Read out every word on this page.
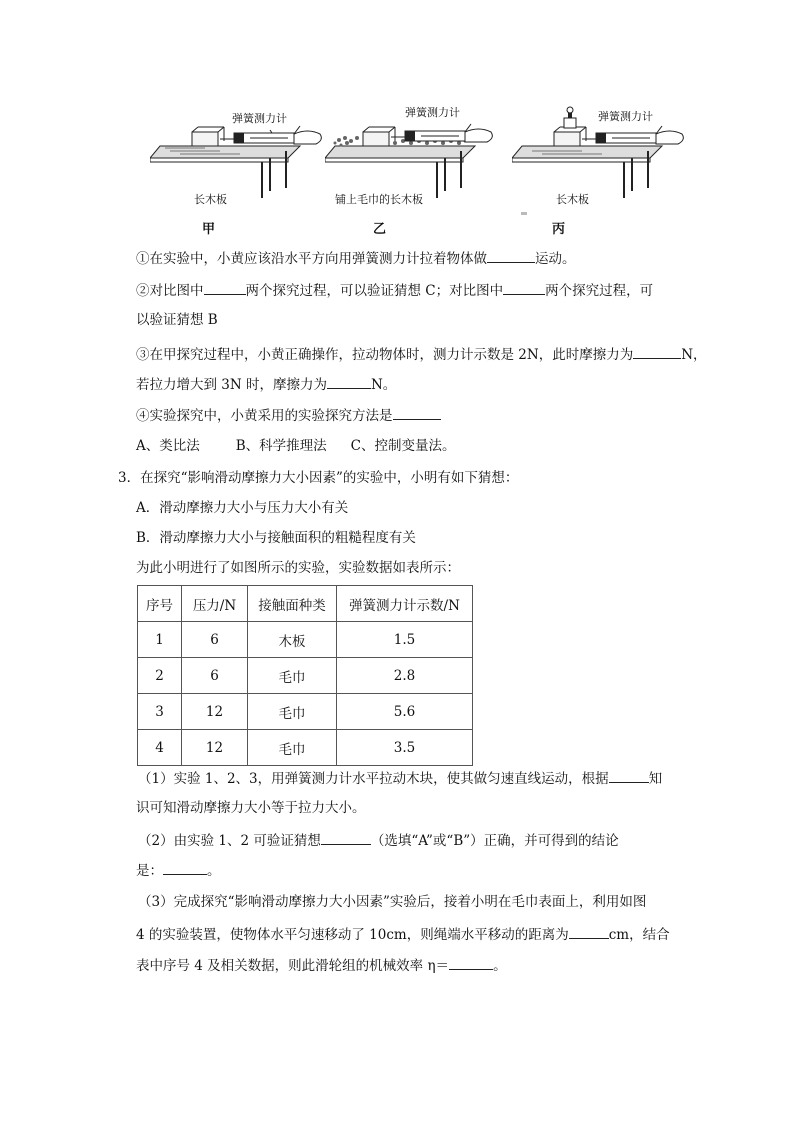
弹簧测力计
长木板
甲
弹簧测力计
铺上毛巾的长木板
乙
弹簧测力计
长木板
丙
①在实验中，小黄应该沿水平方向用弹簧测力计拉着物体做	运动。
②对比图中	两个探究过程，可以验证猜想 C；对比图中	两个探究过程，可
以验证猜想 B
③在甲探究过程中，小黄正确操作，拉动物体时，测力计示数是 2N，此时摩擦力为	N，
若拉力增大到 3N 时，摩擦力为	N。
④实验探究中，小黄采用的实验探究方法是
A、类比法	B、科学推理法 C、控制变量法。
3．在探究“影响滑动摩擦力大小因素”的实验中，小明有如下猜想：
A．滑动摩擦力大小与压力大小有关
B．滑动摩擦力大小与接触面积的粗糙程度有关
为此小明进行了如图所示的实验，实验数据如表所示：
序号	压力/N	接触面种类	弹簧测力计示数/N
1	6	木板	1.5
2	6	毛巾	2.8
3	12	毛巾	5.6
4	12	毛巾	3.5
（1）实验 1、2、3，用弹簧测力计水平拉动木块，使其做匀速直线运动，根据	知
识可知滑动摩擦力大小等于拉力大小。
（2）由实验 1、2 可验证猜想	（选填“A”或“B”）正确，并可得到的结论
是：	。
（3）完成探究“影响滑动摩擦力大小因素”实验后，接着小明在毛巾表面上，利用如图
4 的实验装置，使物体水平匀速移动了 10cm，则绳端水平移动的距离为	cm，结合
表中序号 4 及相关数据，则此滑轮组的机械效率 η＝	。
